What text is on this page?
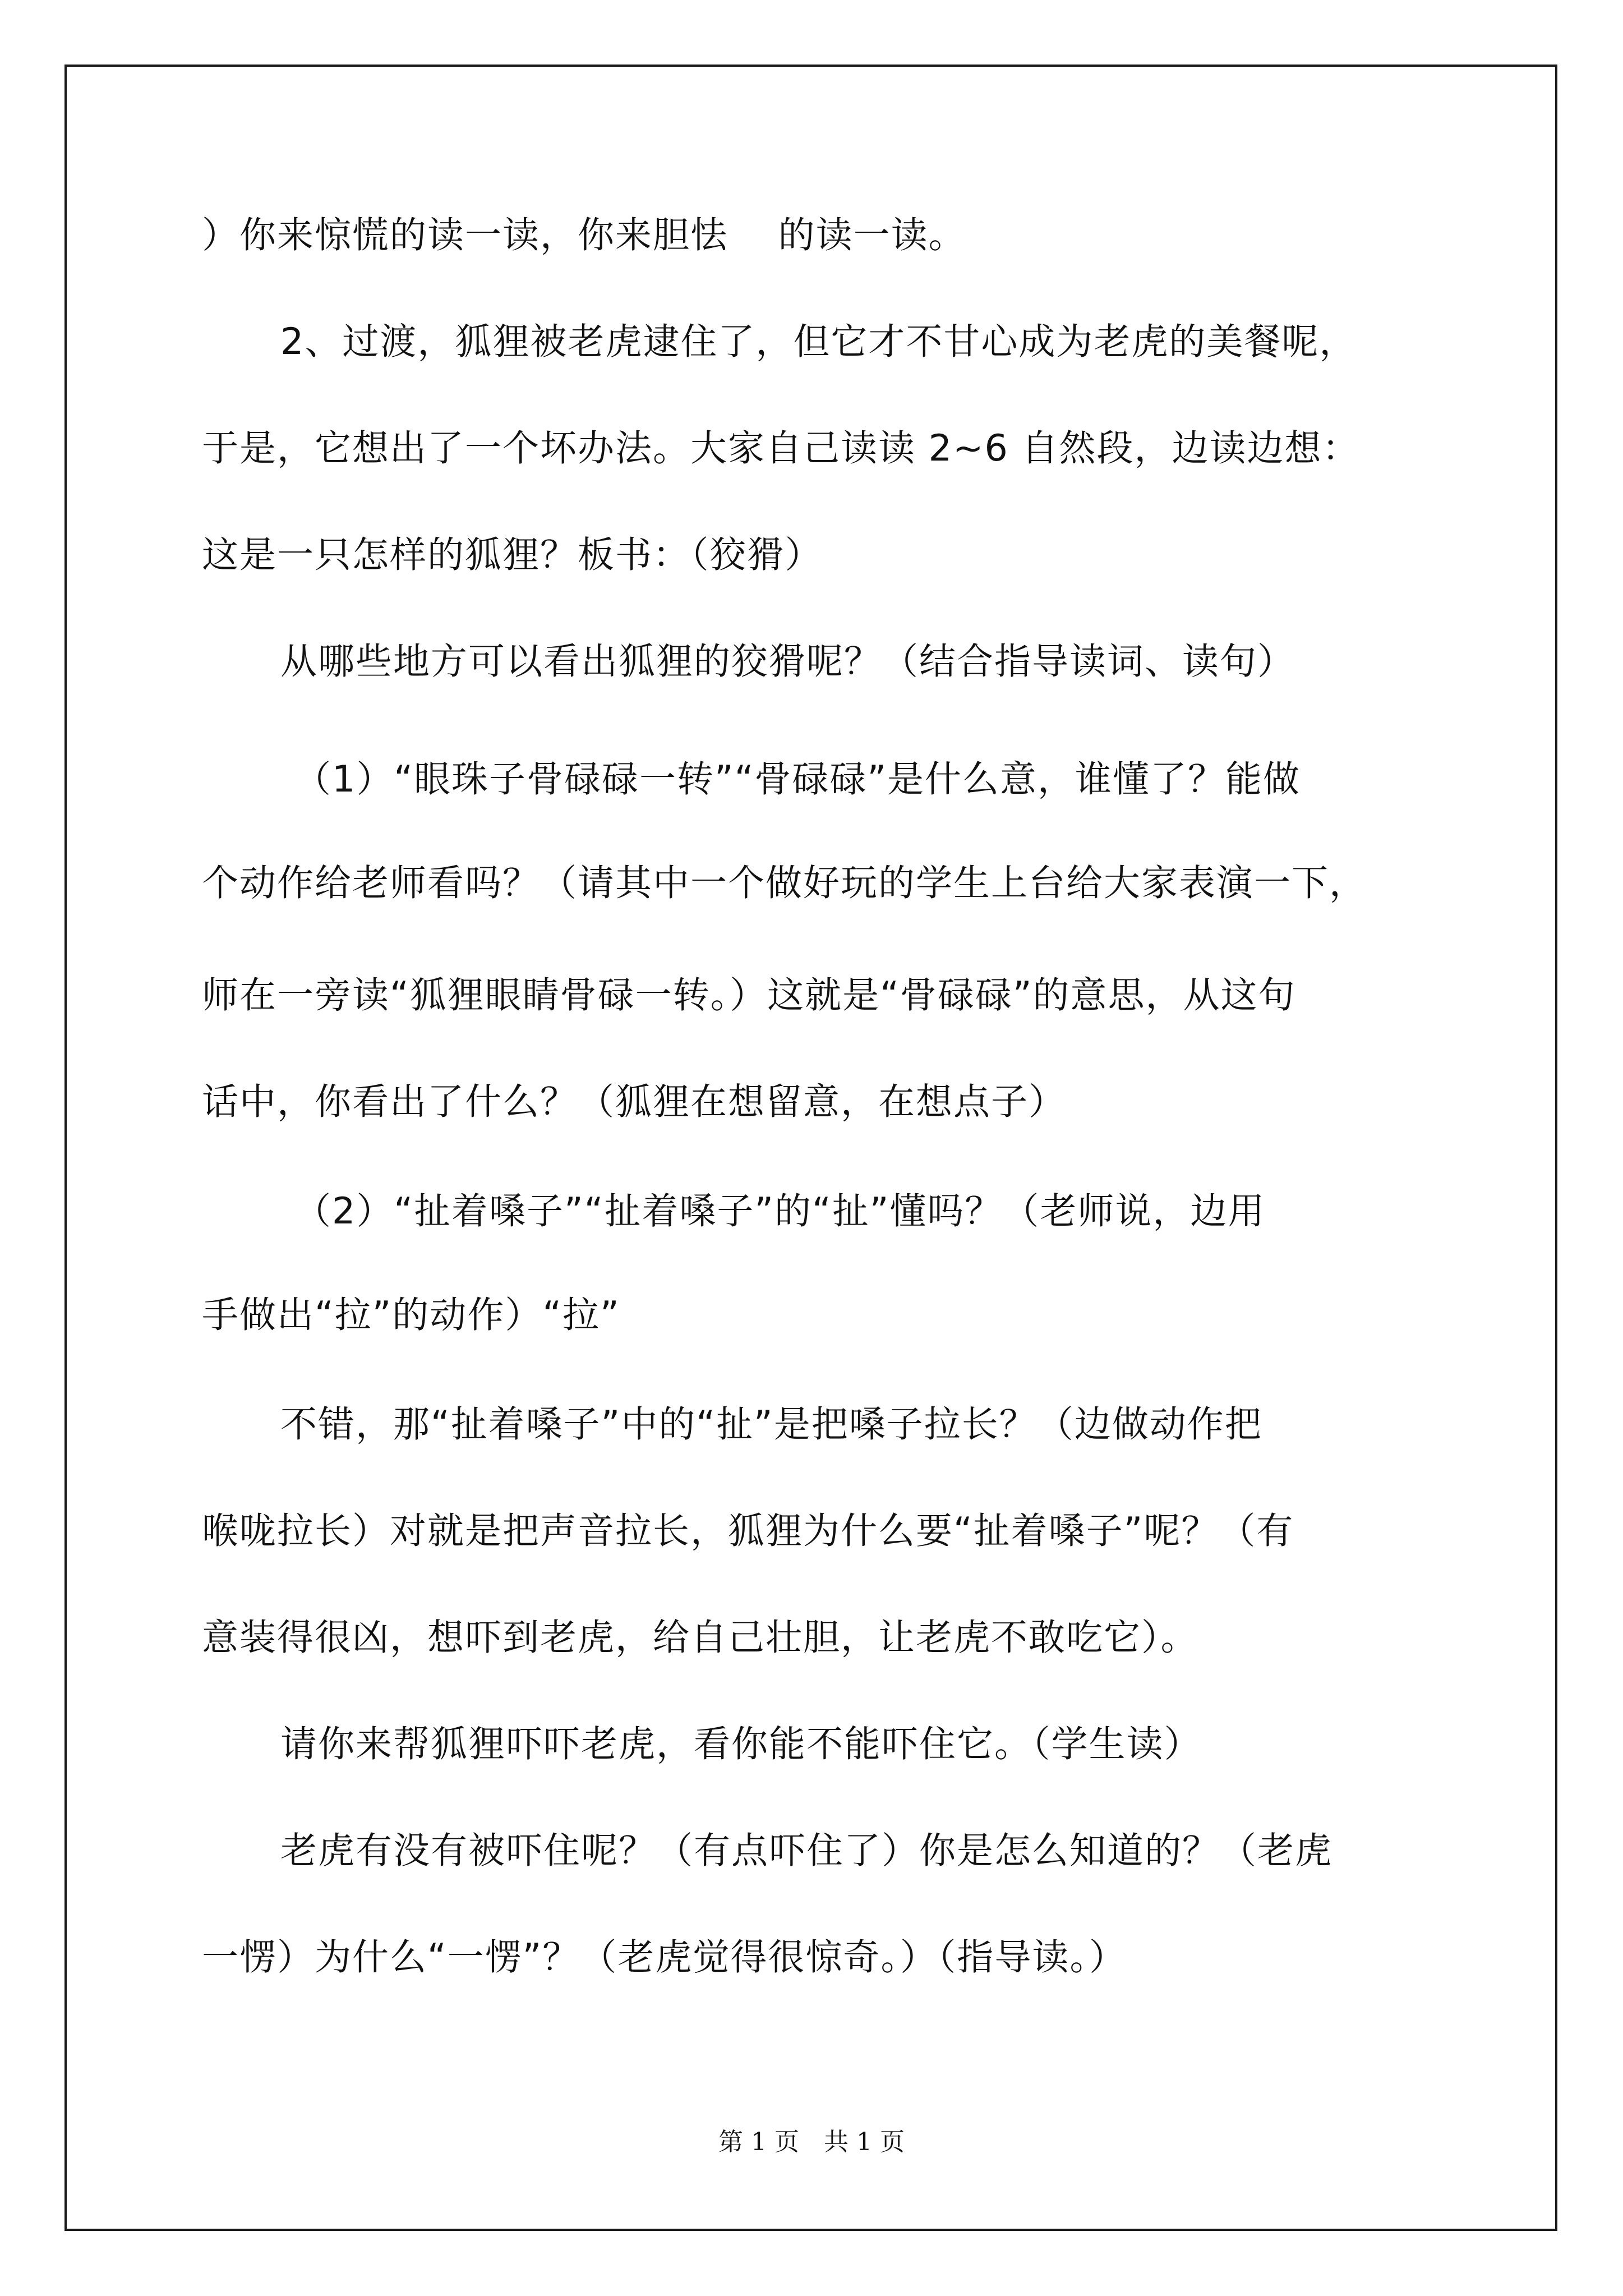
）你来惊慌的读一读，你来胆怯　 的读一读。
2、过渡，狐狸被老虎逮住了，但它才不甘心成为老虎的美餐呢，
于是，它想出了一个坏办法。大家自己读读 2~6 自然段，边读边想：
这是一只怎样的狐狸？板书：（狡猾）
从哪些地方可以看出狐狸的狡猾呢？（结合指导读词、读句）
（1）“眼珠子骨碌碌一转”“骨碌碌”是什么意，谁懂了？能做
个动作给老师看吗？（请其中一个做好玩的学生上台给大家表演一下，
师在一旁读“狐狸眼睛骨碌一转。）这就是“骨碌碌”的意思，从这句
话中，你看出了什么？（狐狸在想留意，在想点子）
（2）“扯着嗓子”“扯着嗓子”的“扯”懂吗？（老师说，边用
手做出“拉”的动作）“拉”
不错，那“扯着嗓子”中的“扯”是把嗓子拉长？（边做动作把
喉咙拉长）对就是把声音拉长，狐狸为什么要“扯着嗓子”呢？（有
意装得很凶，想吓到老虎，给自己壮胆，让老虎不敢吃它）。
请你来帮狐狸吓吓老虎，看你能不能吓住它。（学生读）
老虎有没有被吓住呢？（有点吓住了）你是怎么知道的？（老虎
一愣）为什么“一愣”？（老虎觉得很惊奇。）（指导读。）
第 1 页　共 1 页
